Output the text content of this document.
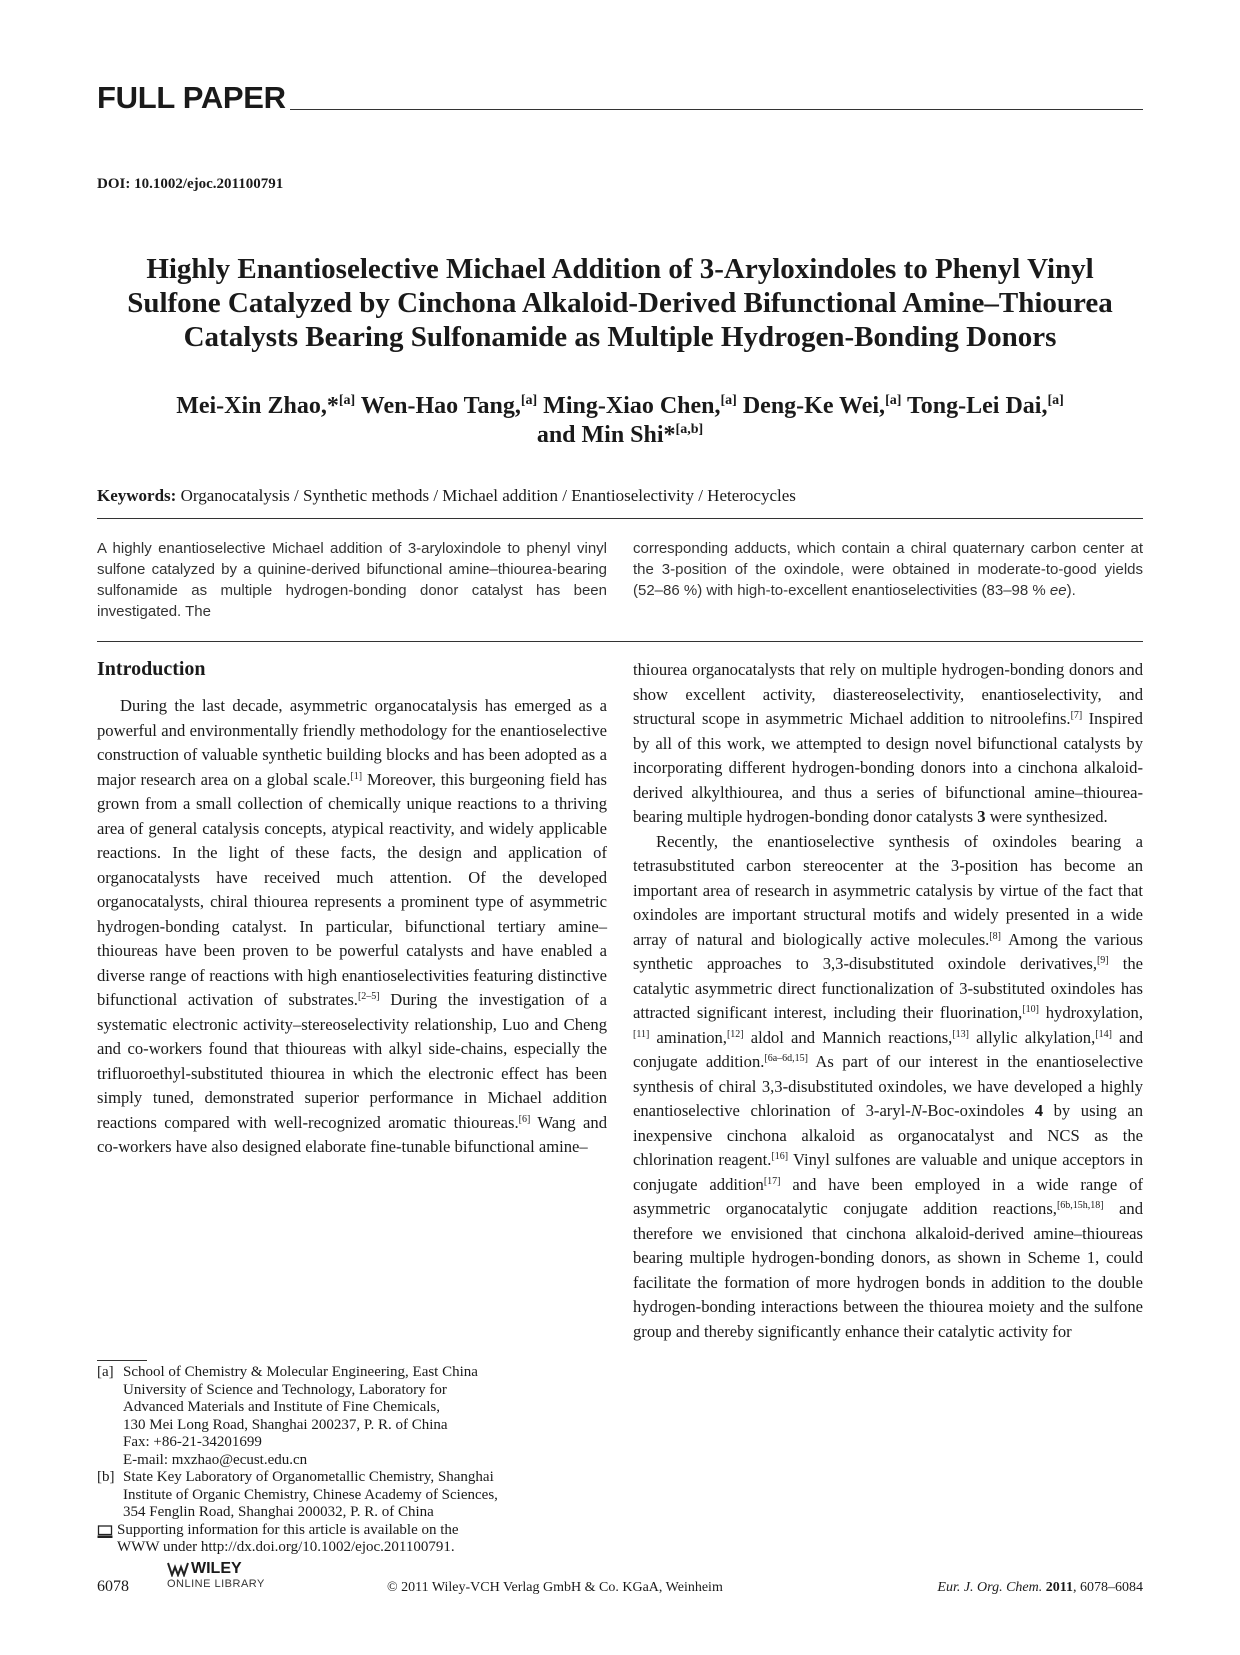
FULL PAPER
DOI: 10.1002/ejoc.201100791
Highly Enantioselective Michael Addition of 3-Aryloxindoles to Phenyl Vinyl
Sulfone Catalyzed by Cinchona Alkaloid-Derived Bifunctional Amine–Thiourea
Catalysts Bearing Sulfonamide as Multiple Hydrogen-Bonding Donors
Mei-Xin Zhao,*[a] Wen-Hao Tang,[a] Ming-Xiao Chen,[a] Deng-Ke Wei,[a] Tong-Lei Dai,[a]
and Min Shi*[a,b]
Keywords: Organocatalysis / Synthetic methods / Michael addition / Enantioselectivity / Heterocycles
A highly enantioselective Michael addition of 3-aryloxindole to phenyl vinyl sulfone catalyzed by a quinine-derived bifunctional amine–thiourea-bearing sulfonamide as multiple hydrogen-bonding donor catalyst has been investigated. The
corresponding adducts, which contain a chiral quaternary carbon center at the 3-position of the oxindole, were obtained in moderate-to-good yields (52–86 %) with high-to-excellent enantioselectivities (83–98 % ee).
Introduction

During the last decade, asymmetric organocatalysis has emerged as a powerful and environmentally friendly methodology for the enantioselective construction of valuable synthetic building blocks and has been adopted as a major research area on a global scale.[1] Moreover, this burgeoning field has grown from a small collection of chemically unique reactions to a thriving area of general catalysis concepts, atypical reactivity, and widely applicable reactions. In the light of these facts, the design and application of organocatalysts have received much attention. Of the developed organocatalysts, chiral thiourea represents a prominent type of asymmetric hydrogen-bonding catalyst. In particular, bifunctional tertiary amine–thioureas have been proven to be powerful catalysts and have enabled a diverse range of reactions with high enantioselectivities featuring distinctive bifunctional activation of substrates.[2–5] During the investigation of a systematic electronic activity–stereoselectivity relationship, Luo and Cheng and co-workers found that thioureas with alkyl side-chains, especially the trifluoroethyl-substituted thiourea in which the electronic effect has been simply tuned, demonstrated superior performance in Michael addition reactions compared with well-recognized aromatic thioureas.[6] Wang and co-workers have also designed elaborate fine-tunable bifunctional amine–

thiourea organocatalysts that rely on multiple hydrogen-bonding donors and show excellent activity, diastereoselectivity, enantioselectivity, and structural scope in asymmetric Michael addition to nitroolefins.[7] Inspired by all of this work, we attempted to design novel bifunctional catalysts by incorporating different hydrogen-bonding donors into a cinchona alkaloid-derived alkylthiourea, and thus a series of bifunctional amine–thiourea-bearing multiple hydrogen-bonding donor catalysts 3 were synthesized.

Recently, the enantioselective synthesis of oxindoles bearing a tetrasubstituted carbon stereocenter at the 3-position has become an important area of research in asymmetric catalysis by virtue of the fact that oxindoles are important structural motifs and widely presented in a wide array of natural and biologically active molecules.[8] Among the various synthetic approaches to 3,3-disubstituted oxindole derivatives,[9] the catalytic asymmetric direct functionalization of 3-substituted oxindoles has attracted significant interest, including their fluorination,[10] hydroxylation,[11] amination,[12] aldol and Mannich reactions,[13] allylic alkylation,[14] and conjugate addition.[6a–6d,15] As part of our interest in the enantioselective synthesis of chiral 3,3-disubstituted oxindoles, we have developed a highly enantioselective chlorination of 3-aryl-N-Boc-oxindoles 4 by using an inexpensive cinchona alkaloid as organocatalyst and NCS as the chlorination reagent.[16] Vinyl sulfones are valuable and unique acceptors in conjugate addition[17] and have been employed in a wide range of asymmetric organocatalytic conjugate addition reactions,[6b,15h,18] and therefore we envisioned that cinchona alkaloid-derived amine–thioureas bearing multiple hydrogen-bonding donors, as shown in Scheme 1, could facilitate the formation of more hydrogen bonds in addition to the double hydrogen-bonding interactions between the thiourea moiety and the sulfone group and thereby significantly enhance their catalytic activity for

[a] School of Chemistry & Molecular Engineering, East China
University of Science and Technology, Laboratory for
Advanced Materials and Institute of Fine Chemicals,
130 Mei Long Road, Shanghai 200237, P. R. of China
Fax: +86-21-34201699
E-mail: mxzhao@ecust.edu.cn
[b] State Key Laboratory of Organometallic Chemistry, Shanghai
Institute of Organic Chemistry, Chinese Academy of Sciences,
354 Fenglin Road, Shanghai 200032, P. R. of China
Supporting information for this article is available on the
WWW under http://dx.doi.org/10.1002/ejoc.201100791.
6078
WILEY
ONLINE LIBRARY	© 2011 Wiley-VCH Verlag GmbH & Co. KGaA, Weinheim	Eur. J. Org. Chem. 2011, 6078–6084
